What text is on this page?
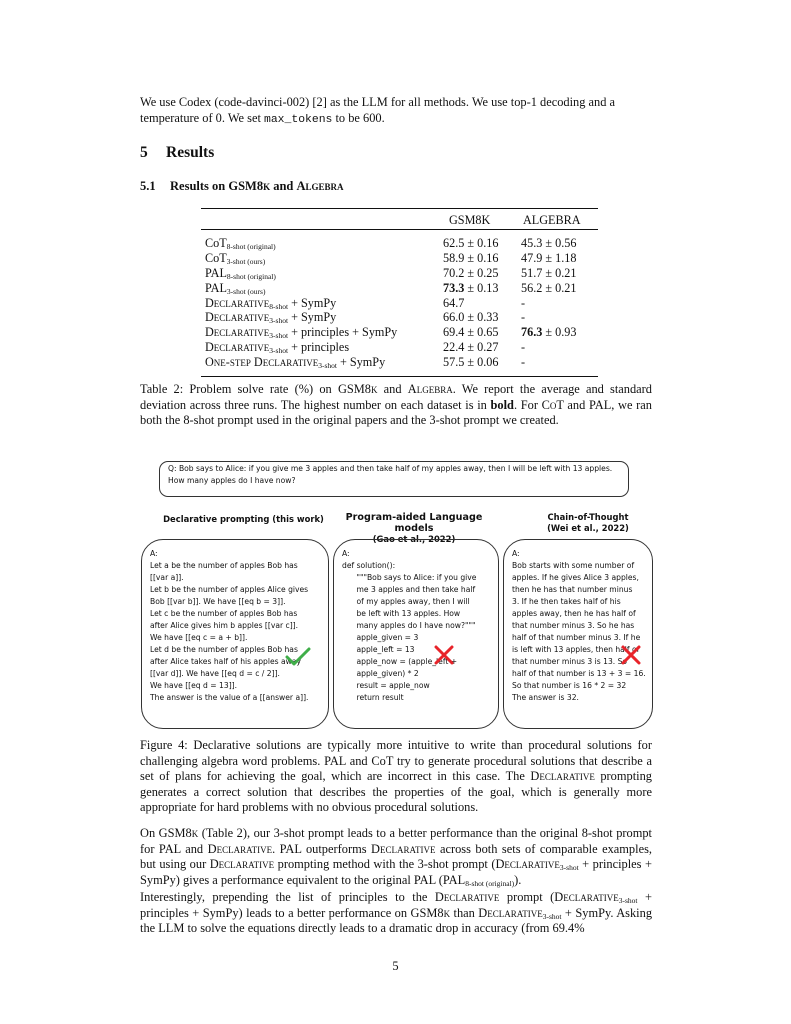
We use Codex (code-davinci-002) [2] as the LLM for all methods. We use top-1 decoding and a
temperature of 0. We set max_tokens to be 600.
5 Results
5.1 Results on GSM8k and Algebra
GSM8K	ALGEBRA
CoT$_{8-shot (original)}$	62.5 ± 0.16 45.3 ± 0.56
CoT$_{3-shot (ours)}$	58.9 ± 0.16 47.9 ± 1.18
$PAL_{8-shot (original)}$	70.2 ± 0.25 51.7 ± 0.21
$PAL_{3-shot (ours)}$	73.3 ± 0.13 56.2 ± 0.21
Declarative$_{8-shot}$ + SymPy	64.7	-
Declarative$_{3-shot}$ + SymPy	66.0 ± 0.33 -
Declarative$_{3-shot}$ + principles + SymPy	69.4 ± 0.65 76.3 ± 0.93
Declarative$_{3-shot}$ + principles	22.4 ± 0.27 -
One-step Declarative$_{3-shot}$ + SymPy	57.5 ± 0.06 -
Table 2: Problem solve rate (%) on GSM8k and Algebra. We report the average and standard deviation across three runs. The highest number on each dataset is in bold. For CoT and PAL, we ran both the 8-shot prompt used in the original papers and the 3-shot prompt we created.
Q: Bob says to Alice: if you give me 3 apples and then take half of my apples away, then I will be left with 13 apples.
How many apples do I have now?
Declarative prompting (this work)	Program-aided Language models
(Gao et al., 2022)
Chain-of-Thought
(Wei et al., 2022)
A:
Let a be the number of apples Bob has
[[var a]].
Let b be the number of apples Alice gives
Bob [[var b]]. We have [[eq b = 3]].
Let c be the number of apples Bob has
after Alice gives him b apples [[var c]].
We have [[eq c = a + b]].
Let d be the number of apples Bob has
after Alice takes half of his apples away
[[var d]]. We have [[eq d = c / 2]].
We have [[eq d = 13]].
The answer is the value of a [[answer a]].
A:
def solution():
"""Bob says to Alice: if you give
me 3 apples and then take half
of my apples away, then I will
be left with 13 apples. How
many apples do I have now?"""
apple_given = 3
apple_left = 13
apple_now = (apple_left +
apple_given) * 2
result = apple_now
return result
A:
Bob starts with some number of
apples. If he gives Alice 3 apples,
then he has that number minus
3. If he then takes half of his
apples away, then he has half of
that number minus 3. So he has
half of that number minus 3. If he
is left with 13 apples, then half of
that number minus 3 is 13. So
half of that number is 13 + 3 = 16.
So that number is 16 * 2 = 32
The answer is 32.
Figure 4: Declarative solutions are typically more intuitive to write than procedural solutions for challenging algebra word problems. PAL and CoT try to generate procedural solutions that describe a set of plans for achieving the goal, which are incorrect in this case. The Declarative prompting generates a correct solution that describes the properties of the goal, which is generally more appropriate for hard problems with no obvious procedural solutions.
On GSM8k (Table 2), our 3-shot prompt leads to a better performance than the original 8-shot prompt for PAL and Declarative. PAL outperforms Declarative across both sets of comparable examples, but using our Declarative prompting method with the 3-shot prompt (Declarative$_{3-shot}$ + principles + SymPy) gives a performance equivalent to the original PAL $(PAL_{8-shot (original)})$.
Interestingly, prepending the list of principles to the Declarative prompt (Declarative$_{3-shot}$ + principles + SymPy) leads to a better performance on GSM8k than Declarative$_{3-shot}$ + SymPy. Asking the LLM to solve the equations directly leads to a dramatic drop in accuracy (from 69.4%
5
